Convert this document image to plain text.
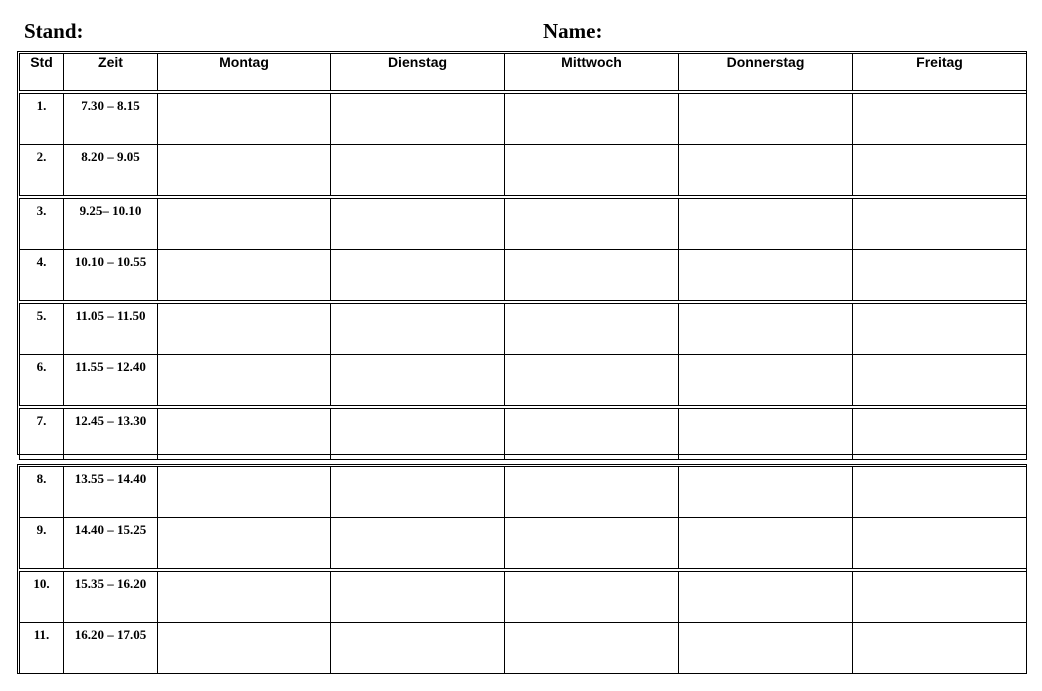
Stand:	Name:
Std	Zeit	Montag	Dienstag	Mittwoch	Donnerstag	Freitag

1.	7.30 – 8.15					
2.	8.20 – 9.05					

3.	9.25– 10.10					
4.	10.10 – 10.55					

5.	11.05 – 11.50					
6.	11.55 – 12.40					

7.	12.45 – 13.30					
8.	13.55 – 14.40					
9.	14.40 – 15.25					

10.	15.35 – 16.20					
11.	16.20 – 17.05					
